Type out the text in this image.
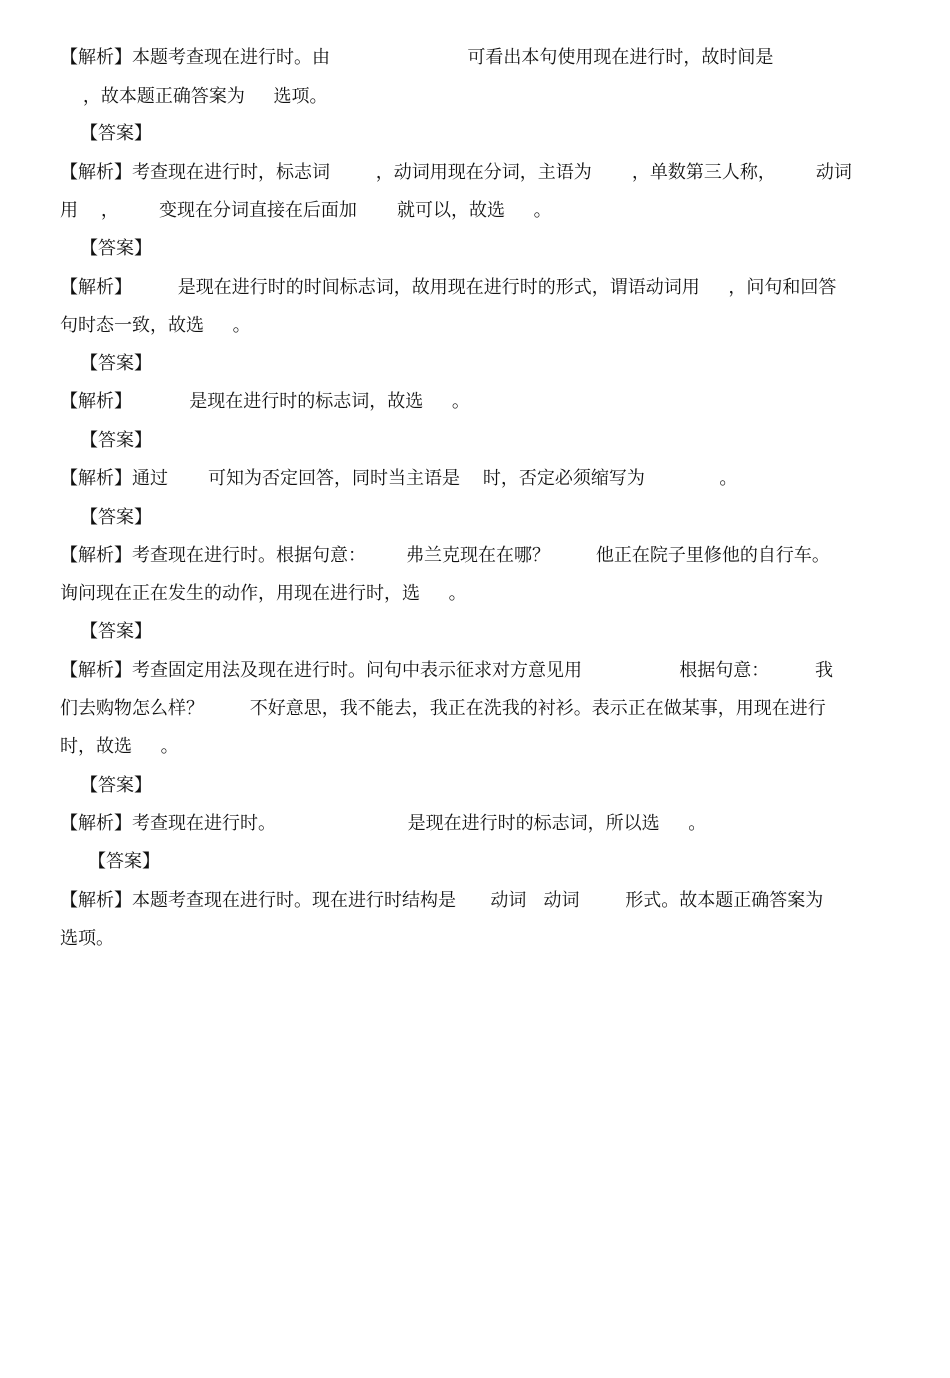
【解析】本题考查现在进行时。由                        可看出本句使用现在进行时，故时间是
，故本题正确答案为     选项。
【答案】
【解析】考查现在进行时，标志词        ，动词用现在分词，主语为       ，单数第三人称，       动词
用    ，       变现在分词直接在后面加       就可以，故选     。
【答案】
【解析】        是现在进行时的时间标志词，故用现在进行时的形式，谓语动词用     ，问句和回答
句时态一致，故选     。
【答案】
【解析】          是现在进行时的标志词，故选     。
【答案】
【解析】通过       可知为否定回答，同时当主语是    时，否定必须缩写为             。
【答案】
【解析】考查现在进行时。根据句意：       弗兰克现在在哪？        他正在院子里修他的自行车。
询问现在正在发生的动作，用现在进行时，选     。
【答案】
【解析】考查固定用法及现在进行时。问句中表示征求对方意见用                 根据句意：        我
们去购物怎么样？        不好意思，我不能去，我正在洗我的衬衫。表示正在做某事，用现在进行
时，故选     。
【答案】
【解析】考查现在进行时。                       是现在进行时的标志词，所以选     。
【答案】
【解析】本题考查现在进行时。现在进行时结构是      动词   动词        形式。故本题正确答案为
选项。
